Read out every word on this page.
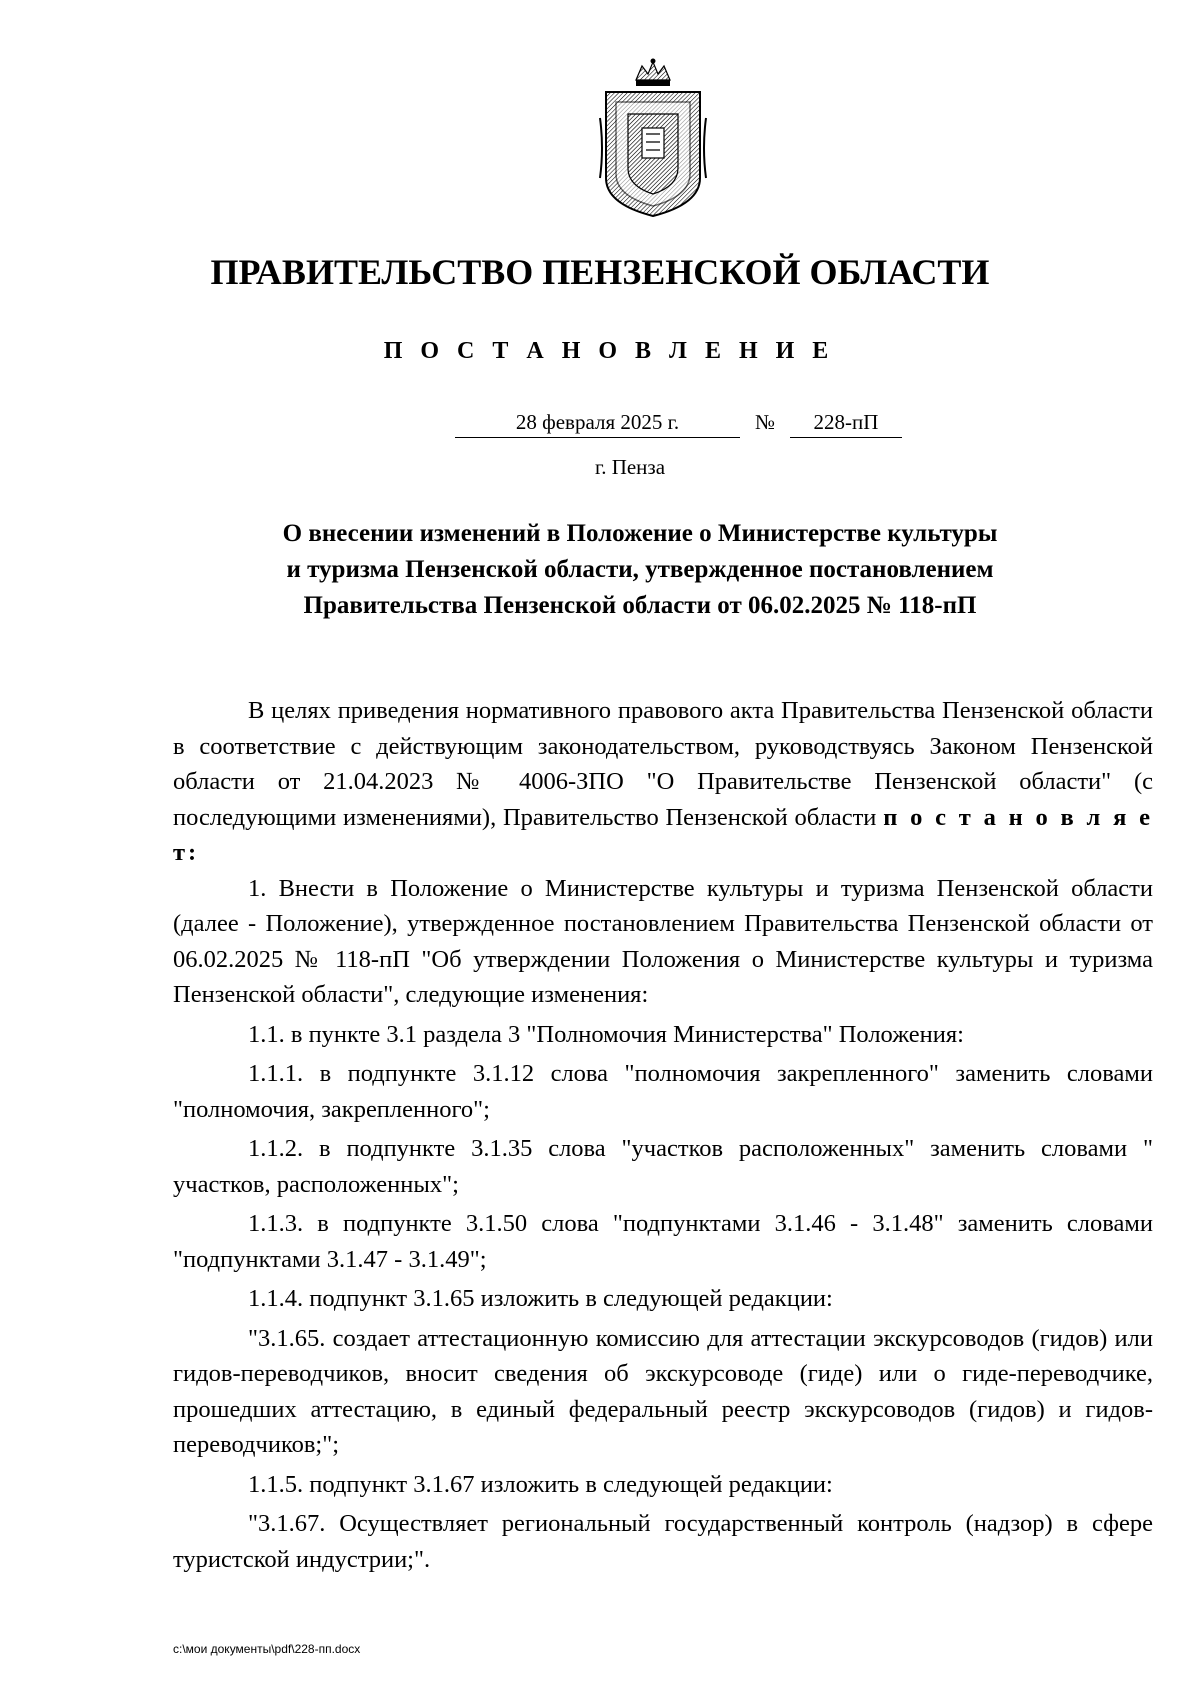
ПРАВИТЕЛЬСТВО ПЕНЗЕНСКОЙ ОБЛАСТИ
П О С Т А Н О В Л Е Н И Е
28 февраля 2025 г.	№	228-пП
г. Пенза
О внесении изменений в Положение о Министерстве культуры
и туризма Пензенской области, утвержденное постановлением
Правительства Пензенской области от 06.02.2025 № 118-пП

В целях приведения нормативного правового акта Правительства Пензенской области в соответствие с действующим законодательством, руководствуясь Законом Пензенской области от 21.04.2023 № 4006-ЗПО "О Правительстве Пензенской области" (с последующими изменениями), Правительство Пензенской области п о с т а н о в л я е т:

1. Внести в Положение о Министерстве культуры и туризма Пензенской области (далее - Положение), утвержденное постановлением Правительства Пензенской области от 06.02.2025 № 118-пП "Об утверждении Положения о Министерстве культуры и туризма Пензенской области", следующие изменения:

1.1. в пункте 3.1 раздела 3 "Полномочия Министерства" Положения:

1.1.1. в подпункте 3.1.12 слова "полномочия закрепленного" заменить словами "полномочия, закрепленного";

1.1.2. в подпункте 3.1.35 слова "участков расположенных" заменить словами " участков, расположенных";

1.1.3. в подпункте 3.1.50 слова "подпунктами 3.1.46 - 3.1.48" заменить словами "подпунктами 3.1.47 - 3.1.49";

1.1.4. подпункт 3.1.65 изложить в следующей редакции:

"3.1.65. создает аттестационную комиссию для аттестации экскурсоводов (гидов) или гидов-переводчиков, вносит сведения об экскурсоводе (гиде) или о гиде-переводчике, прошедших аттестацию, в единый федеральный реестр экскурсоводов (гидов) и гидов-переводчиков;";

1.1.5. подпункт 3.1.67 изложить в следующей редакции:

"3.1.67. Осуществляет региональный государственный контроль (надзор) в сфере туристской индустрии;".

c:\мои документы\pdf\228-пп.docx
